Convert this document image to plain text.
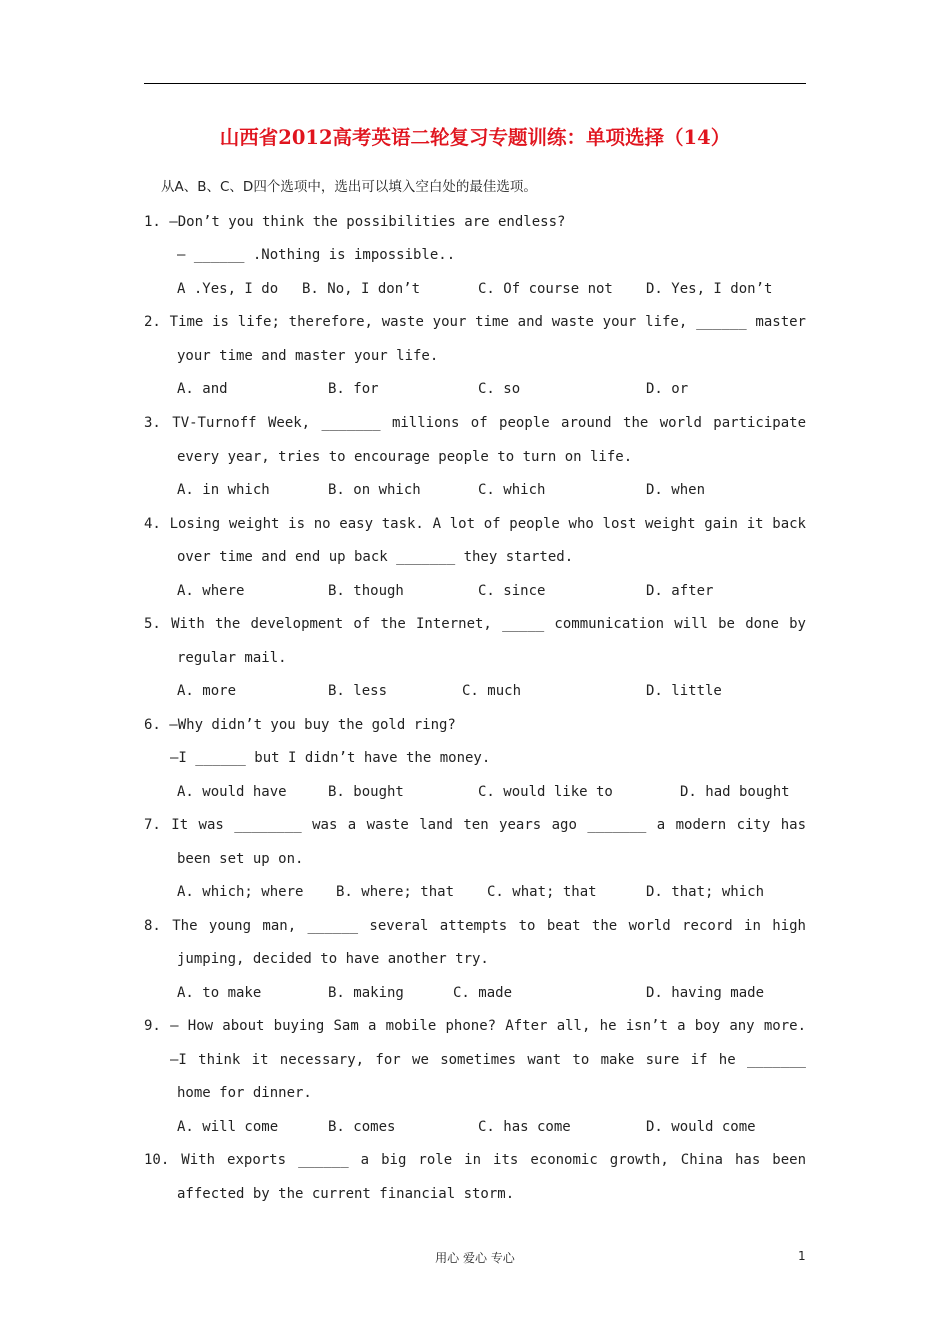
山西省2012高考英语二轮复习专题训练：单项选择（14）
从A、B、C、D四个选项中，选出可以填入空白处的最佳选项。
1. —Don’t you think the possibilities are endless?
— ______ .Nothing is impossible..
A .Yes, I do B. No, I don’t	C. Of course not D. Yes, I don’t
2. Time is life; therefore, waste your time and waste your life, ______ master
your time and master your life.
A. and	B. for	C. so	D. or
3. TV-Turnoff Week, _______ millions of people around the world participate
every year, tries to encourage people to turn on life.
A. in which	B. on which	C. which	D. when
4. Losing weight is no easy task. A lot of people who lost weight gain it back
over time and end up back _______ they started.
A. where	B. though	C. since	D. after
5. With the development of the Internet, _____ communication will be done by
regular mail.
A. more	B. less	C. much	D. little
6. —Why didn’t you buy the gold ring?
—I ______ but I didn’t have the money.
A. would have	B. bought	C. would like to	D. had bought
7. It was ________ was a waste land ten years ago _______ a modern city has
been set up on.
A. which; where B. where; that C. what; that	D. that; which
8. The young man, ______ several attempts to beat the world record in high
jumping, decided to have another try.
A. to make	B. making	C. made	D. having made
9. — How about buying Sam a mobile phone? After all, he isn’t a boy any more.
—I think it necessary, for we sometimes want to make sure if he _______
home for dinner.
A. will come	B. comes	C. has come	D. would come
10. With exports ______ a big role in its economic growth, China has been
affected by the current financial storm.
用心 爱心 专心	1
